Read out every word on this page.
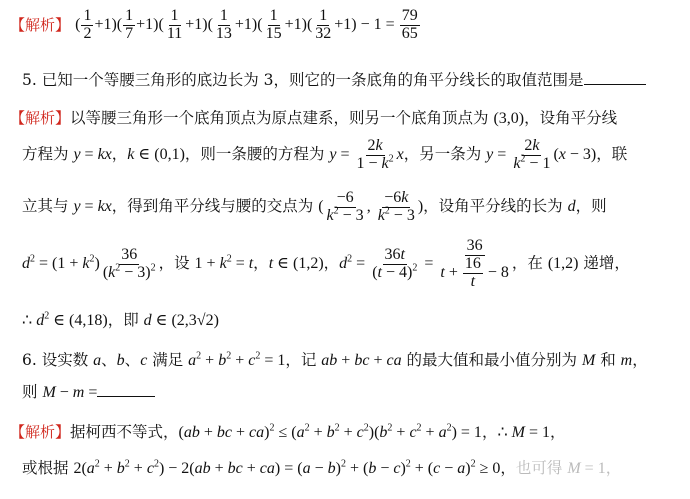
【解析】 ( $\frac{1}{2} +1)( \frac{1}{7} +1)( \frac{1}{11} +1)( \frac{1}{13} +1)( \frac{1}{15} +1)( \frac{1}{32} +1) - 1 = \frac{79}{65}$
5. 已知一个等腰三角形的底边长为 3，则它的一条底角的角平分线长的取值范围是
【解析】以等腰三角形一个底角顶点为原点建系，则另一个底角顶点为 (3,0)，设角平分线
方程为 y = kx，k ∈ (0,1)，则一条腰的方程为 $y = \frac{2k}{1 - k^2}$ x，另一条为 $y = \frac{2k}{k^2 - 1} (x - 3)$，联
立其与 y = kx，得到角平分线与腰的交点为 ( $\frac{-6}{k^2 - 3}$ , $\frac{-6k}{k^2 - 3}$ )，设角平分线的长为 d，则
$d^2 = (1 + k^2) \frac{36}{(k^2 - 3)^2}$ ，设 $1 + k^2 = t$，t ∈ (1,2)，$d^2 = \frac{36t}{(t - 4)^2} = \frac{36}{t + \frac{16}{t} - 8}$ ，在 (1,2) 递增，
∴ $d^2$ ∈ (4,18)，即 d ∈ (2,3√2)
6. 设实数 a、b、c 满足 $a^2 + b^2 + c^2 = 1$，记 ab + bc + ca 的最大值和最小值分别为 M 和 m，
则 M − m =
【解析】据柯西不等式，(ab + bc + $ca)^2 \le (a^2 + b^2 + c^2)(b^2 + c^2 + a^2) = 1$，∴ M = 1，
或根据 $2(a^2 + b^2 + c^2) - 2(ab$ + bc + $ca) = (a - b)^2 + (b - c)^2 + (c - a)^2 \ge 0$，也可得 M = 1，
